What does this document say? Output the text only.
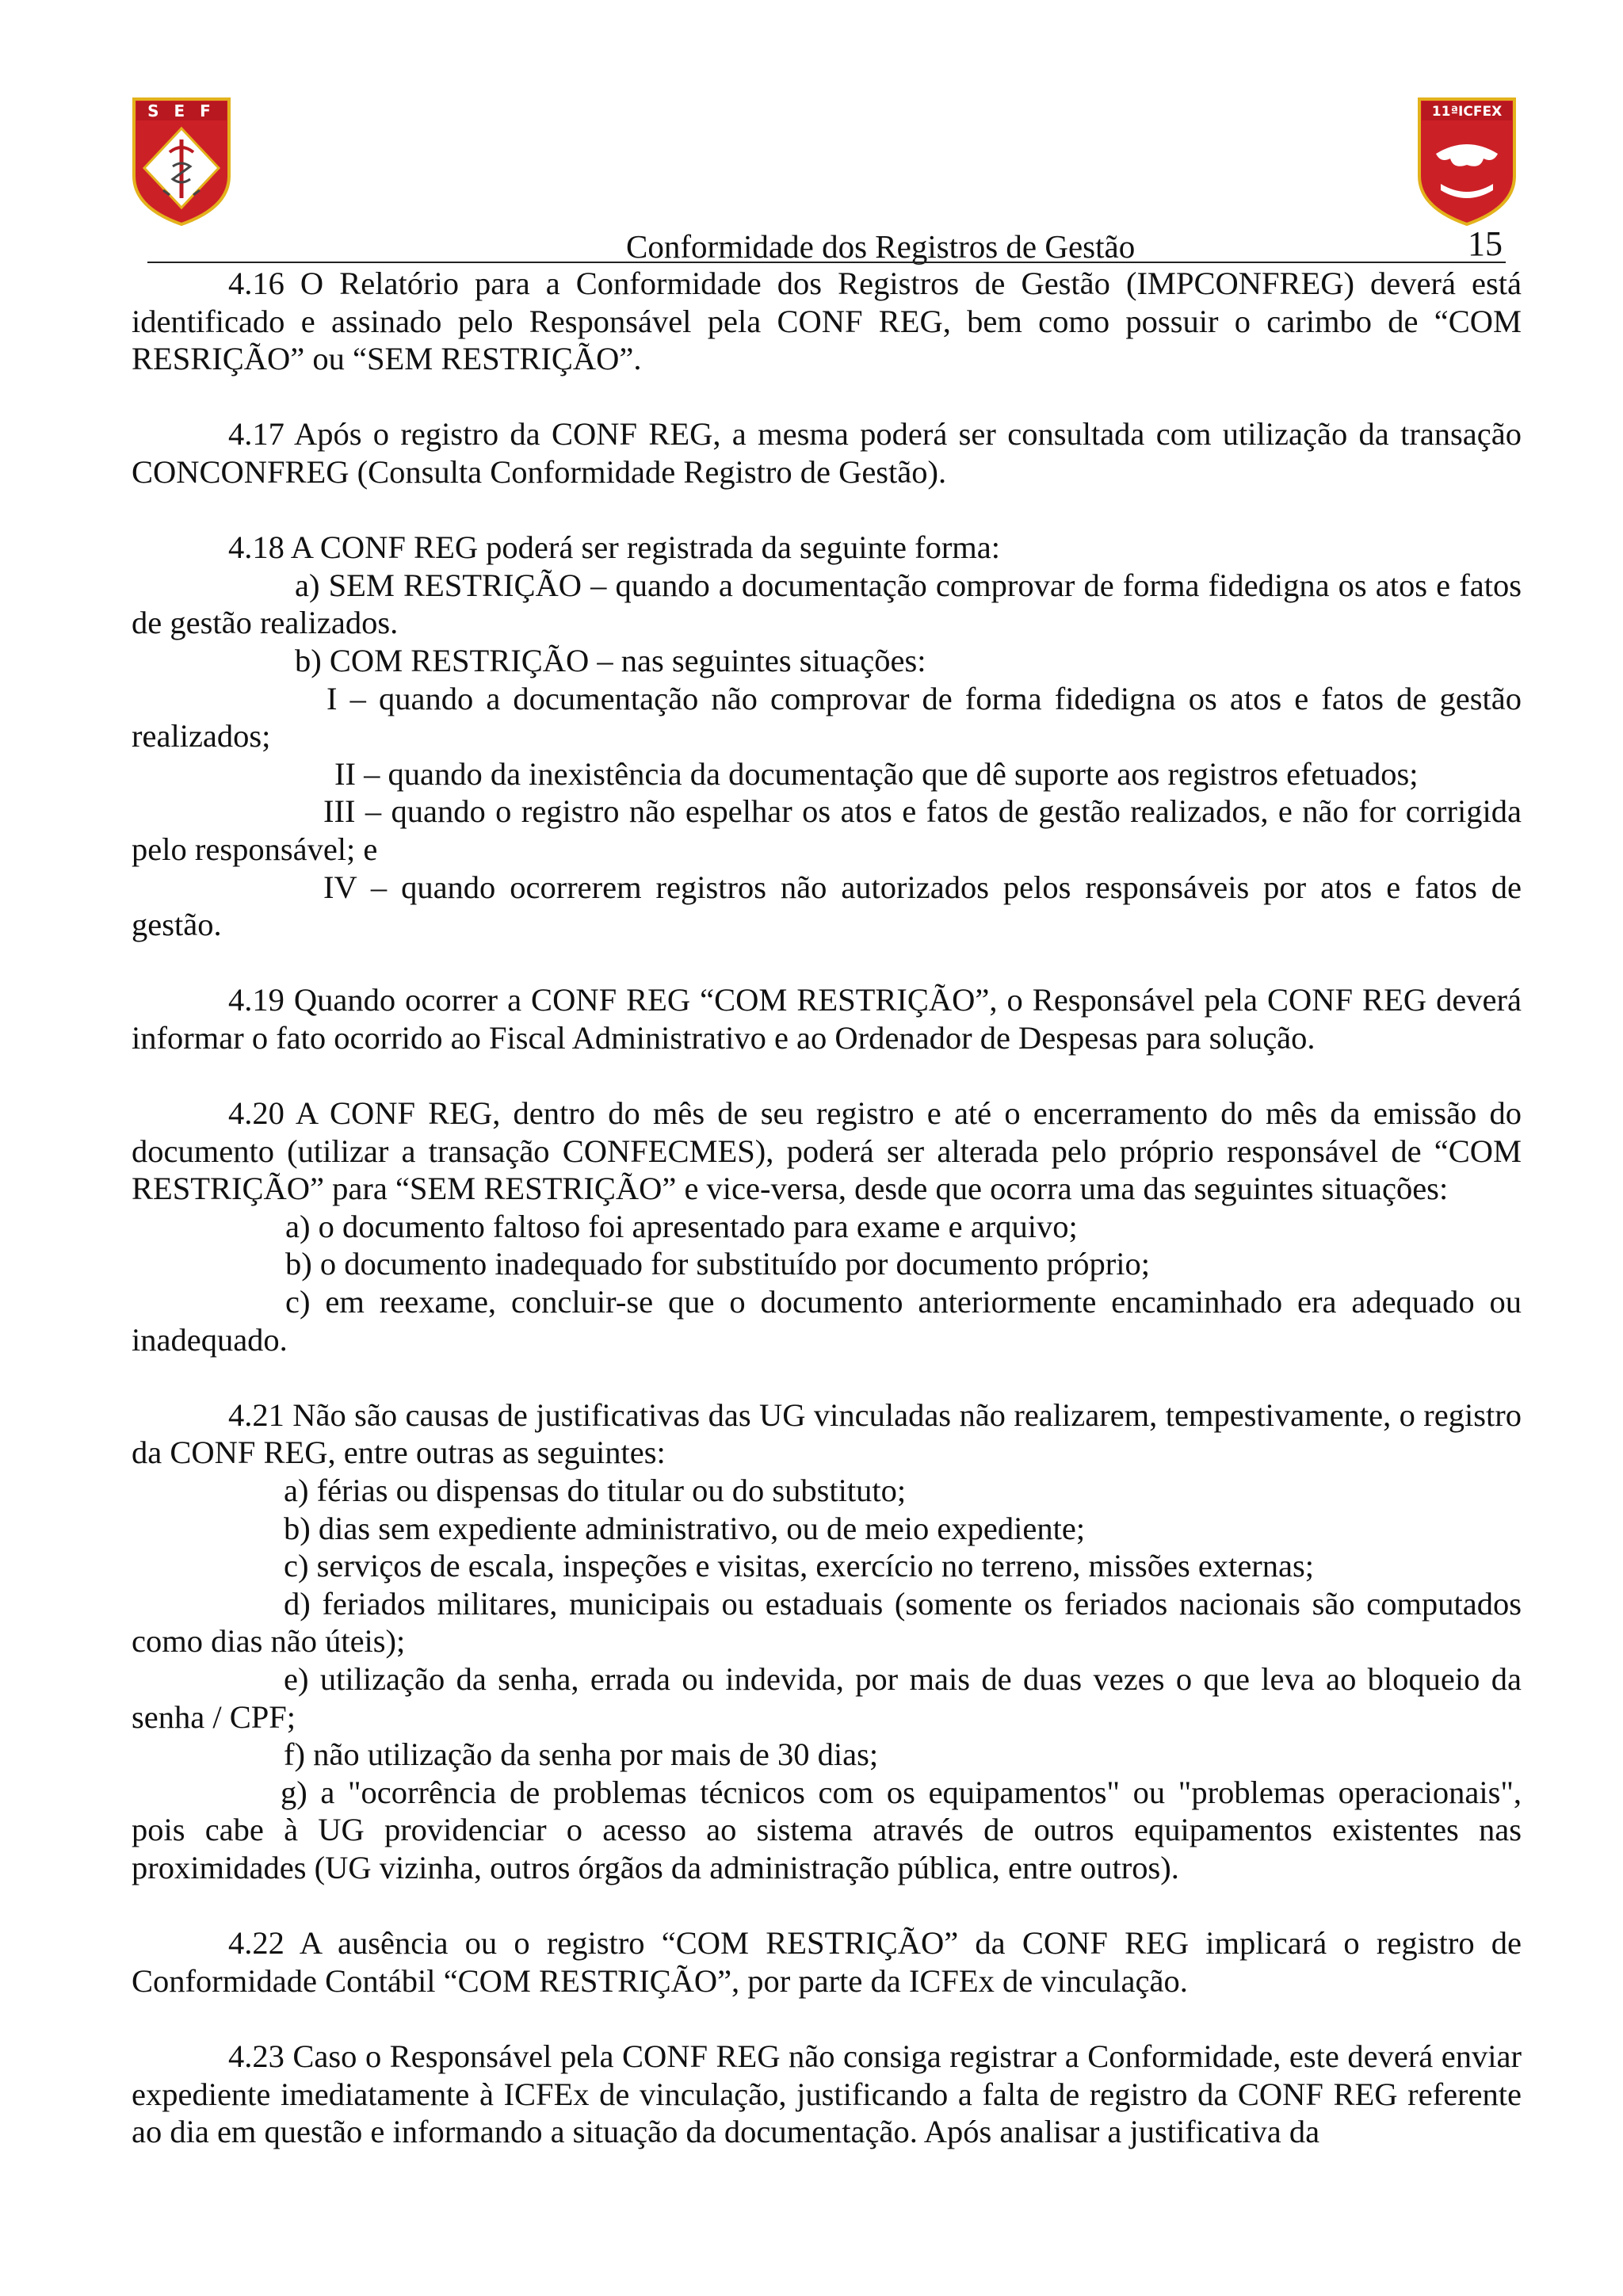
S E F	11ªICFEX
Conformidade dos Registros de Gestão	15

4.16 O Relatório para a Conformidade dos Registros de Gestão (IMPCONFREG) deverá está identificado e assinado pelo Responsável pela CONF REG, bem como possuir o carimbo de “COM RESRIÇÃO” ou “SEM RESTRIÇÃO”.

4.17 Após o registro da CONF REG, a mesma poderá ser consultada com utilização da transação CONCONFREG (Consulta Conformidade Registro de Gestão).

4.18 A CONF REG poderá ser registrada da seguinte forma:

a) SEM RESTRIÇÃO – quando a documentação comprovar de forma fidedigna os atos e fatos de gestão realizados.

b) COM RESTRIÇÃO – nas seguintes situações:

I – quando a documentação não comprovar de forma fidedigna os atos e fatos de gestão realizados;

II – quando da inexistência da documentação que dê suporte aos registros efetuados;

III – quando o registro não espelhar os atos e fatos de gestão realizados, e não for corrigida pelo responsável; e

IV – quando ocorrerem registros não autorizados pelos responsáveis por atos e fatos de gestão.

4.19 Quando ocorrer a CONF REG “COM RESTRIÇÃO”, o Responsável pela CONF REG deverá informar o fato ocorrido ao Fiscal Administrativo e ao Ordenador de Despesas para solução.

4.20 A CONF REG, dentro do mês de seu registro e até o encerramento do mês da emissão do documento (utilizar a transação CONFECMES), poderá ser alterada pelo próprio responsável de “COM RESTRIÇÃO” para “SEM RESTRIÇÃO” e vice-versa, desde que ocorra uma das seguintes situações:

a) o documento faltoso foi apresentado para exame e arquivo;

b) o documento inadequado for substituído por documento próprio;

c) em reexame, concluir-se que o documento anteriormente encaminhado era adequado ou inadequado.

4.21 Não são causas de justificativas das UG vinculadas não realizarem, tempestivamente, o registro da CONF REG, entre outras as seguintes:

a) férias ou dispensas do titular ou do substituto;

b) dias sem expediente administrativo, ou de meio expediente;

c) serviços de escala, inspeções e visitas, exercício no terreno, missões externas;

d) feriados militares, municipais ou estaduais (somente os feriados nacionais são computados como dias não úteis);

e) utilização da senha, errada ou indevida, por mais de duas vezes o que leva ao bloqueio da senha / CPF;

f) não utilização da senha por mais de 30 dias;

g) a "ocorrência de problemas técnicos com os equipamentos" ou "problemas operacionais", pois cabe à UG providenciar o acesso ao sistema através de outros equipamentos existentes nas proximidades (UG vizinha, outros órgãos da administração pública, entre outros).

4.22 A ausência ou o registro “COM RESTRIÇÃO” da CONF REG implicará o registro de Conformidade Contábil “COM RESTRIÇÃO”, por parte da ICFEx de vinculação.

4.23 Caso o Responsável pela CONF REG não consiga registrar a Conformidade, este deverá enviar expediente imediatamente à ICFEx de vinculação, justificando a falta de registro da CONF REG referente ao dia em questão e informando a situação da documentação. Após analisar a justificativa da
